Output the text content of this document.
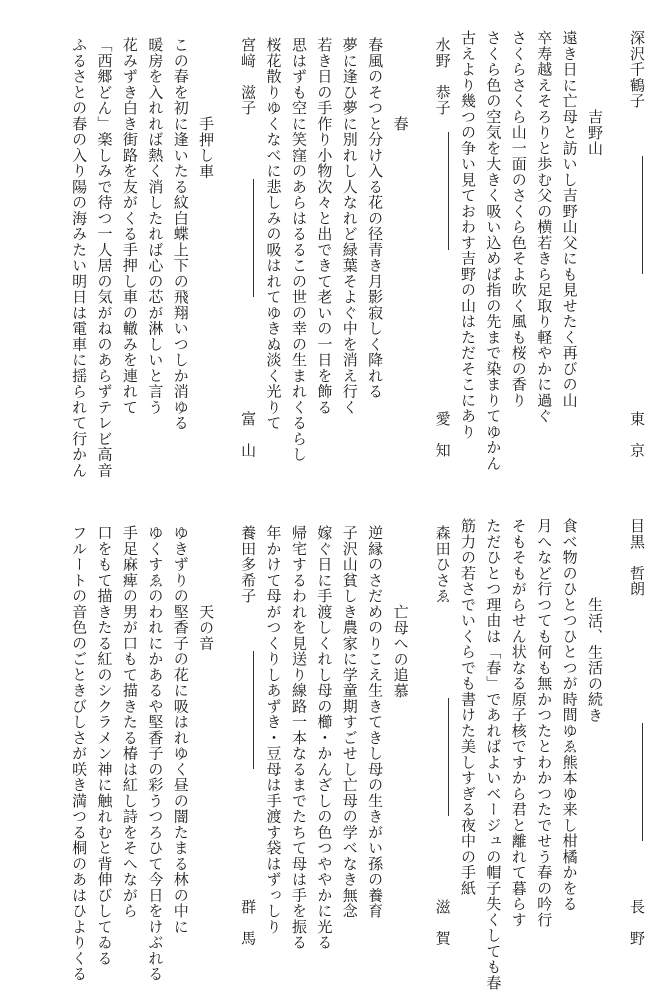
深沢千鶴子
吉野山
東　京
遠き日に亡母と訪いし吉野山父にも見せたく再びの山
卒寿越えそろりと歩む父の横若きら足取り軽やかに過ぐ
さくらさくら山一面のさくら色そよ吹く風も桜の香り
さくら色の空気を大きく吸い込めば指の先まで染まりてゆかん
古えより幾つの争い見ておわす吉野の山はただそこにあり
水野　恭子
春
愛　知
春風のそつと分け入る花の径青き月影寂しく降れる
夢に逢ひ夢に別れし人なれど緑葉そよぐ中を消え行く
若き日の手作り小物次々と出できて老いの一日を飾る
思はずも空に笑窪のあらはるるこの世の幸の生まれくるらし
桜花散りゆくなべに悲しみの吸はれてゆきぬ淡く光りて
宮﨑　滋子
手押し車
富　山
この春を初に逢いたる紋白蝶上下の飛翔いつしか消ゆる
暖房を入れれば熱く消したれば心の芯が淋しいと言う
花みずき白き街路を友がくる手押し車の轍みを連れて
「西郷どん」楽しみで待つ一人居の気がねのあらずテレビ高音
ふるさとの春の入り陽の海みたい明日は電車に揺られて行かん
目黒　哲朗
生活、生活の続き
長　野
食べ物のひとつひとつが時間ゆゑ熊本ゆ来し柑橘かをる
月へなど行つても何も無かつたとわかつたでせう春の吟行
そもそもがらせん状なる原子核ですから君と離れて暮らす
ただひとつ理由は「春」であればよいベージュの帽子失くしても春
筋力の若さでいくらでも書けた美しすぎる夜中の手紙
森田ひさゑ
亡母への追慕
滋　賀
逆縁のさだめのりこえ生きてきし母の生きがい孫の養育
子沢山貧しき農家に学童期すごせし亡母の学べなき無念
嫁ぐ日に手渡しくれし母の櫛・かんざしの色つややかに光る
帰宅するわれを見送り線路一本なるまでたちて母は手を振る
年かけて母がつくりしあずき・豆母は手渡す袋はずっしり
養田多希子
天の音
群　馬
ゆきずりの堅香子の花に吸はれゆく昼の闇たまる林の中に
ゆくすゑのわれにかあるや堅香子の彩うつろひて今日をけぶれる
手足麻痺の男が口もて描きたる椿は紅し詩をそへながら
口をもて描きたる紅のシクラメン神に触れむと背伸びしてゐる
フルートの音色のごときびしさが咲き満つる桐のあはひよりくる
